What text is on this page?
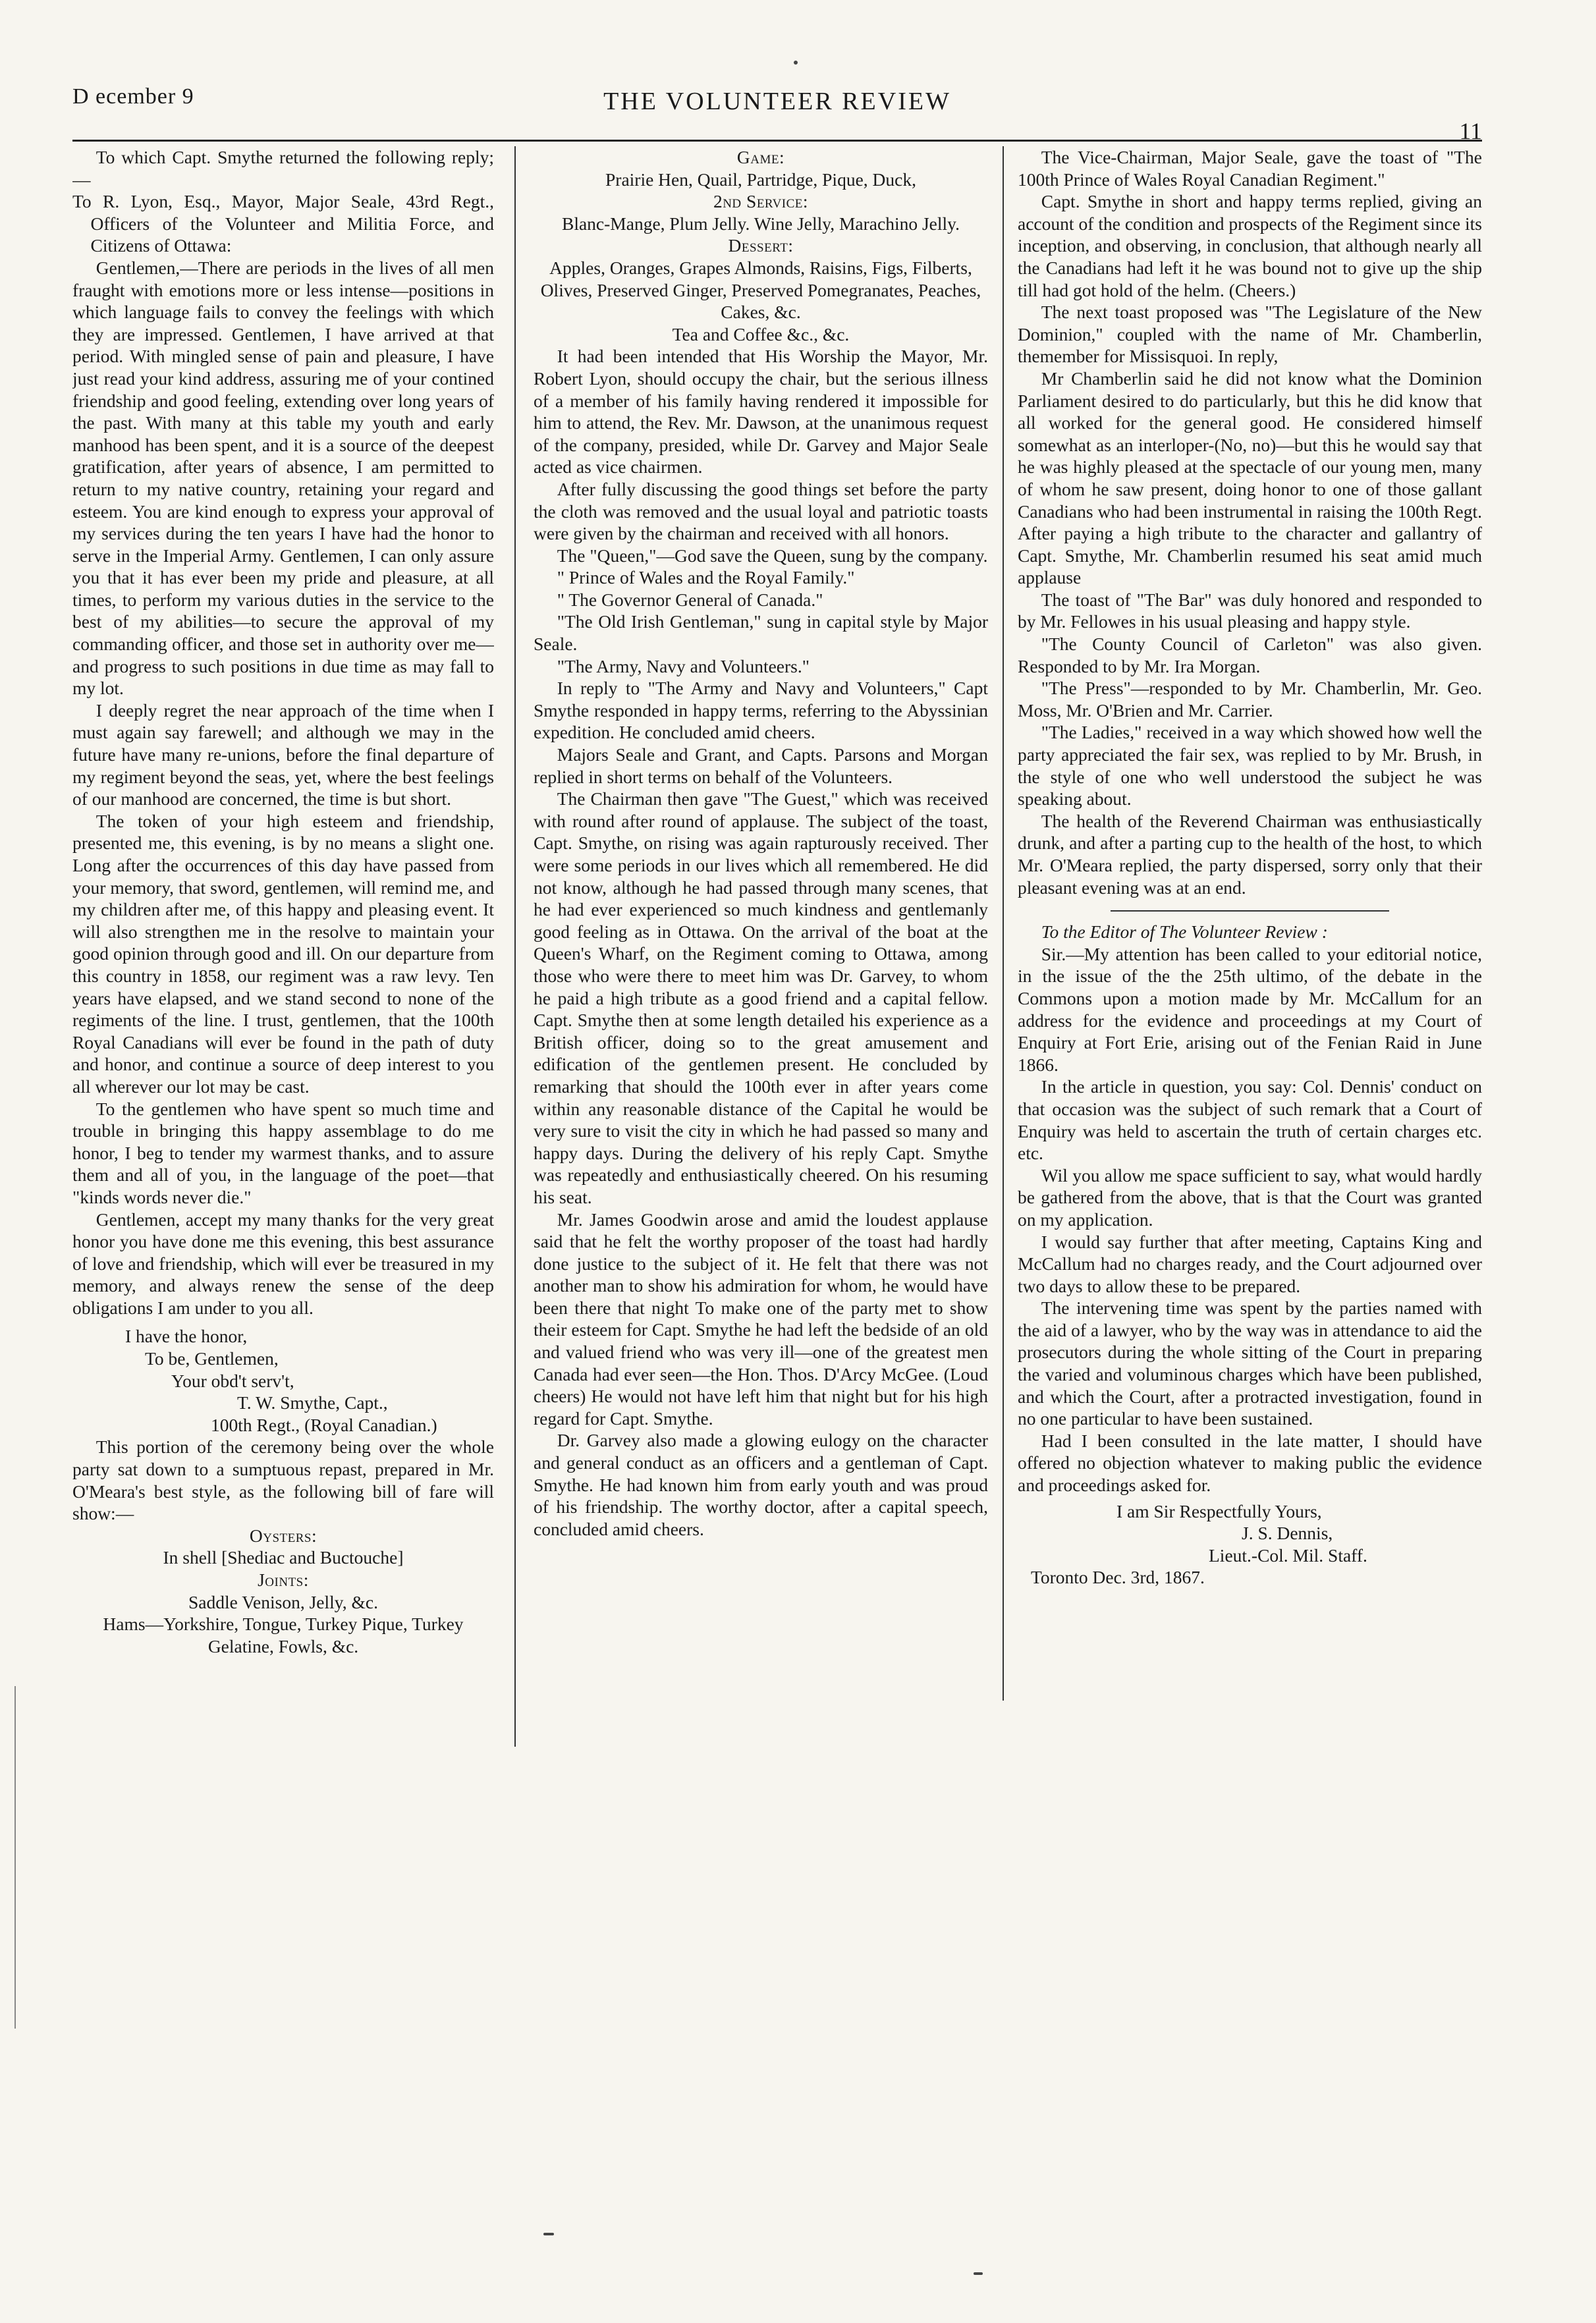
D ecember 9	THE VOLUNTEER REVIEW
11

To which Capt. Smythe returned the following reply;—

To R. Lyon, Esq., Mayor, Major Seale, 43rd Regt., Officers of the Volunteer and Militia Force, and Citizens of Ottawa:

Gentlemen,—There are periods in the lives of all men fraught with emotions more or less intense—positions in which language fails to convey the feelings with which they are impressed. Gentlemen, I have arrived at that period. With mingled sense of pain and pleasure, I have just read your kind address, assuring me of your contined friendship and good feeling, extending over long years of the past. With many at this table my youth and early manhood has been spent, and it is a source of the deepest gratification, after years of absence, I am permitted to return to my native country, retaining your regard and esteem. You are kind enough to express your approval of my services during the ten years I have had the honor to serve in the Imperial Army. Gentlemen, I can only assure you that it has ever been my pride and pleasure, at all times, to perform my various duties in the service to the best of my abilities—to secure the approval of my commanding officer, and those set in authority over me—and progress to such positions in due time as may fall to my lot.

I deeply regret the near approach of the time when I must again say farewell; and although we may in the future have many re-unions, before the final departure of my regiment beyond the seas, yet, where the best feelings of our manhood are concerned, the time is but short.

The token of your high esteem and friendship, presented me, this evening, is by no means a slight one. Long after the occurrences of this day have passed from your memory, that sword, gentlemen, will remind me, and my children after me, of this happy and pleasing event. It will also strengthen me in the resolve to maintain your good opinion through good and ill. On our departure from this country in 1858, our regiment was a raw levy. Ten years have elapsed, and we stand second to none of the regiments of the line. I trust, gentlemen, that the 100th Royal Canadians will ever be found in the path of duty and honor, and continue a source of deep interest to you all wherever our lot may be cast.

To the gentlemen who have spent so much time and trouble in bringing this happy assemblage to do me honor, I beg to tender my warmest thanks, and to assure them and all of you, in the language of the poet—that "kinds words never die."

Gentlemen, accept my many thanks for the very great honor you have done me this evening, this best assurance of love and friendship, which will ever be treasured in my memory, and always renew the sense of the deep obligations I am under to you all.

I have the honor,

To be, Gentlemen,

Your obd't serv't,

T. W. Smythe, Capt.,

100th Regt., (Royal Canadian.)

This portion of the ceremony being over the whole party sat down to a sumptuous repast, prepared in Mr. O'Meara's best style, as the following bill of fare will show:—

Oysters:

In shell [Shediac and Buctouche]

Joints:

Saddle Venison, Jelly, &c.

Hams—Yorkshire, Tongue, Turkey Pique, Turkey Gelatine, Fowls, &c.

Game:

Prairie Hen, Quail, Partridge, Pique, Duck,

2nd Service:

Blanc-Mange, Plum Jelly. Wine Jelly, Marachino Jelly.

Dessert:

Apples, Oranges, Grapes Almonds, Raisins, Figs, Filberts, Olives, Preserved Ginger, Preserved Pomegranates, Peaches, Cakes, &c.

Tea and Coffee &c., &c.

It had been intended that His Worship the Mayor, Mr. Robert Lyon, should occupy the chair, but the serious illness of a member of his family having rendered it impossible for him to attend, the Rev. Mr. Dawson, at the unanimous request of the company, presided, while Dr. Garvey and Major Seale acted as vice chairmen.

After fully discussing the good things set before the party the cloth was removed and the usual loyal and patriotic toasts were given by the chairman and received with all honors.

The "Queen,"—God save the Queen, sung by the company.

" Prince of Wales and the Royal Family."

" The Governor General of Canada."

"The Old Irish Gentleman," sung in capital style by Major Seale.

"The Army, Navy and Volunteers."

In reply to "The Army and Navy and Volunteers," Capt Smythe responded in happy terms, referring to the Abyssinian expedition. He concluded amid cheers.

Majors Seale and Grant, and Capts. Parsons and Morgan replied in short terms on behalf of the Volunteers.

The Chairman then gave "The Guest," which was received with round after round of applause. The subject of the toast, Capt. Smythe, on rising was again rapturously received. Ther were some periods in our lives which all remembered. He did not know, although he had passed through many scenes, that he had ever experienced so much kindness and gentlemanly good feeling as in Ottawa. On the arrival of the boat at the Queen's Wharf, on the Regiment coming to Ottawa, among those who were there to meet him was Dr. Garvey, to whom he paid a high tribute as a good friend and a capital fellow. Capt. Smythe then at some length detailed his experience as a British officer, doing so to the great amusement and edification of the gentlemen present. He concluded by remarking that should the 100th ever in after years come within any reasonable distance of the Capital he would be very sure to visit the city in which he had passed so many and happy days. During the delivery of his reply Capt. Smythe was repeatedly and enthusiastically cheered. On his resuming his seat.

Mr. James Goodwin arose and amid the loudest applause said that he felt the worthy proposer of the toast had hardly done justice to the subject of it. He felt that there was not another man to show his admiration for whom, he would have been there that night To make one of the party met to show their esteem for Capt. Smythe he had left the bedside of an old and valued friend who was very ill—one of the greatest men Canada had ever seen—the Hon. Thos. D'Arcy McGee. (Loud cheers) He would not have left him that night but for his high regard for Capt. Smythe.

Dr. Garvey also made a glowing eulogy on the character and general conduct as an officers and a gentleman of Capt. Smythe. He had known him from early youth and was proud of his friendship. The worthy doctor, after a capital speech, concluded amid cheers.

The Vice-Chairman, Major Seale, gave the toast of "The 100th Prince of Wales Royal Canadian Regiment."

Capt. Smythe in short and happy terms replied, giving an account of the condition and prospects of the Regiment since its inception, and observing, in conclusion, that although nearly all the Canadians had left it he was bound not to give up the ship till had got hold of the helm. (Cheers.)

The next toast proposed was "The Legislature of the New Dominion," coupled with the name of Mr. Chamberlin, themember for Missisquoi. In reply,

Mr Chamberlin said he did not know what the Dominion Parliament desired to do particularly, but this he did know that all worked for the general good. He considered himself somewhat as an interloper-(No, no)—but this he would say that he was highly pleased at the spectacle of our young men, many of whom he saw present, doing honor to one of those gallant Canadians who had been instrumental in raising the 100th Regt. After paying a high tribute to the character and gallantry of Capt. Smythe, Mr. Chamberlin resumed his seat amid much applause

The toast of "The Bar" was duly honored and responded to by Mr. Fellowes in his usual pleasing and happy style.

"The County Council of Carleton" was also given. Responded to by Mr. Ira Morgan.

"The Press"—responded to by Mr. Chamberlin, Mr. Geo. Moss, Mr. O'Brien and Mr. Carrier.

"The Ladies," received in a way which showed how well the party appreciated the fair sex, was replied to by Mr. Brush, in the style of one who well understood the subject he was speaking about.

The health of the Reverend Chairman was enthusiastically drunk, and after a parting cup to the health of the host, to which Mr. O'Meara replied, the party dispersed, sorry only that their pleasant evening was at an end.

To the Editor of The Volunteer Review :

Sir.—My attention has been called to your editorial notice, in the issue of the the 25th ultimo, of the debate in the Commons upon a motion made by Mr. McCallum for an address for the evidence and proceedings at my Court of Enquiry at Fort Erie, arising out of the Fenian Raid in June 1866.

In the article in question, you say: Col. Dennis' conduct on that occasion was the subject of such remark that a Court of Enquiry was held to ascertain the truth of certain charges etc. etc.

Wil you allow me space sufficient to say, what would hardly be gathered from the above, that is that the Court was granted on my application.

I would say further that after meeting, Captains King and McCallum had no charges ready, and the Court adjourned over two days to allow these to be prepared.

The intervening time was spent by the parties named with the aid of a lawyer, who by the way was in attendance to aid the prosecutors during the whole sitting of the Court in preparing the varied and voluminous charges which have been published, and which the Court, after a protracted investigation, found in no one particular to have been sustained.

Had I been consulted in the late matter, I should have offered no objection whatever to making public the evidence and proceedings asked for.

I am Sir Respectfully Yours,

J. S. Dennis,

Lieut.-Col. Mil. Staff.

Toronto Dec. 3rd, 1867.
